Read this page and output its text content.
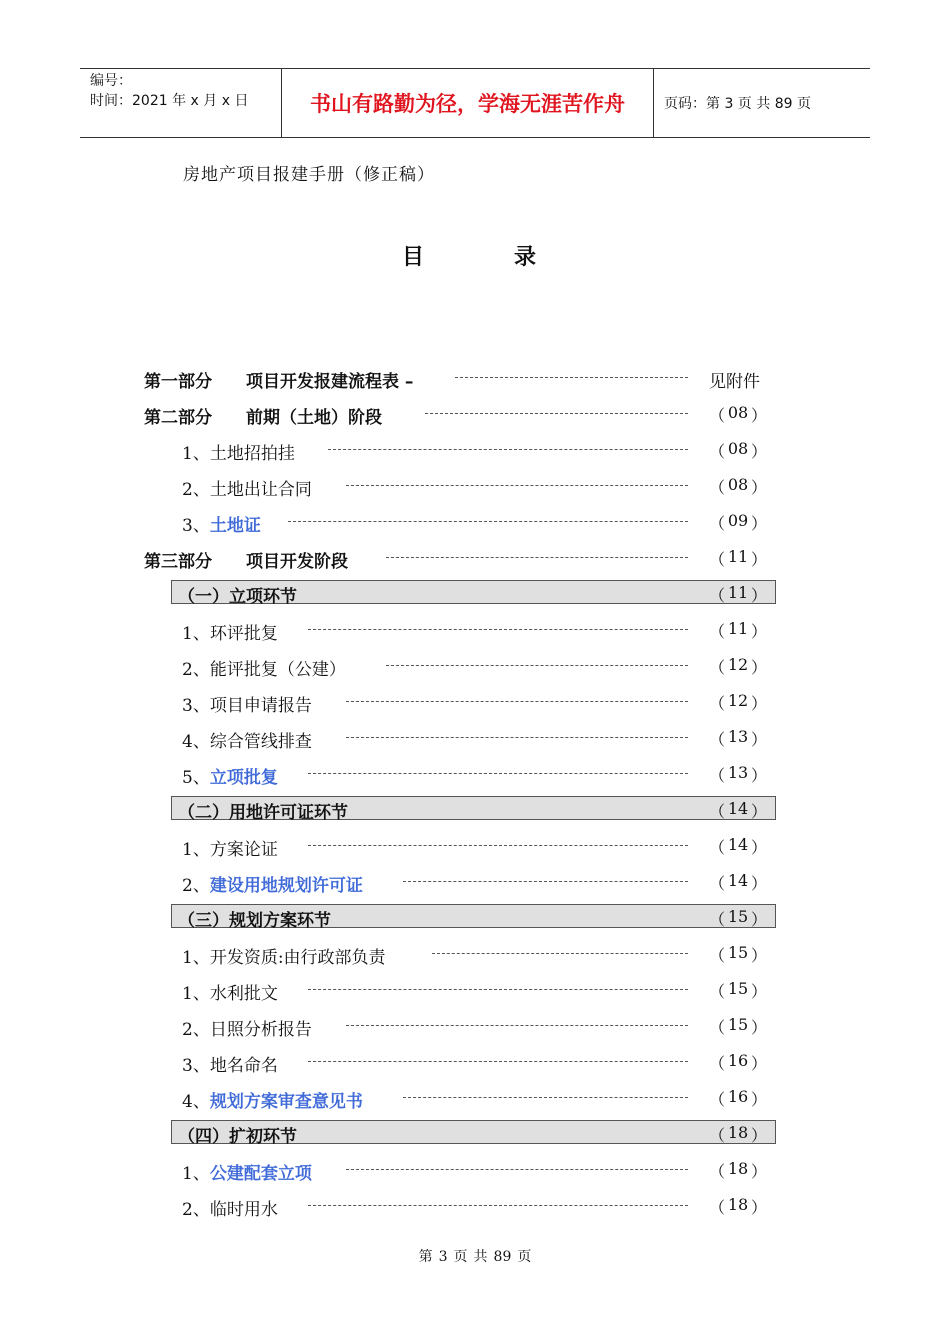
编号：
时间：2021 年 x 月 x 日	书山有路勤为径，学海无涯苦作舟	页码：第 3 页 共 89 页
房地产项目报建手册（修正稿）
目	录
第一部分　　项目开发报建流程表 –	见附件
第二部分　　前期（土地）阶段	（ 08 ）
1、土地招拍挂	（ 08 ）
2、土地出让合同	（ 08 ）
3、土地证	（ 09 ）
第三部分　　项目开发阶段	（ 11 ）
（一）立项环节	（ 11 ）
1、环评批复	（ 11 ）
2、能评批复（公建）	（ 12 ）
3、项目申请报告	（ 12 ）
4、综合管线排查	（ 13 ）
5、立项批复	（ 13 ）
（二）用地许可证环节	（ 14 ）
1、方案论证	（ 14 ）
2、建设用地规划许可证	（ 14 ）
（三）规划方案环节	（ 15 ）
1、开发资质:由行政部负责	（ 15 ）
1、水利批文	（ 15 ）
2、日照分析报告	（ 15 ）
3、地名命名	（ 16 ）
4、规划方案审查意见书	（ 16 ）
（四）扩初环节	（ 18 ）
1、公建配套立项	（ 18 ）
2、临时用水	（ 18 ）
第 3 页 共 89 页
